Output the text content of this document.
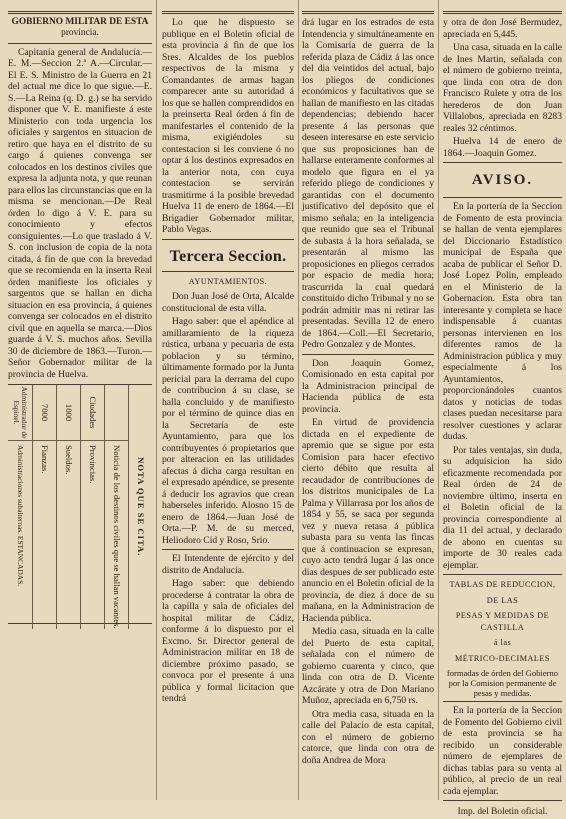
GOBIERNO MILITAR DE ESTA
provincia.

Capitanía general de Andalucía.—E. M.—Seccion 2.ª A.—Circular.—El E. S. Ministro de la Guerra en 21 del actual me dice lo que sigue.—E. S.—La Reina (q. D. g.) se ha servido disponer que V. E. manifieste á este Ministerio con toda urgencia los oficiales y sargentos en situacion de retiro que haya en el distrito de su cargo á quienes convenga ser colocados en los destinos civiles que expresa la adjunta nota, y que reunan para ellos las circunstancias que en la misma se mencionan.—De Real órden lo digo á V. E. para su conocimiento y efectos consiguientes.—Lo que traslado á V. S. con inclusion de copia de la nota citada, á fin de que con la brevedad que se recomienda en la inserta Real órden manifieste los oficiales y sargentos que se hallan en dicha situacion en esa provincia, á quienes convenga ser colocados en el distrito civil que en aquella se marca.—Dios guarde á V. S. muchos años. Sevilla 30 de diciembre de 1863.—Turon.—Señor Gobernador militar de la provincia de Huelva.

NOTA QUE SE CITA.
Noticia de los destinos civiles que se hallan vacantes.
Ciudades
Provincias.
1000
Sueldos.
7000
Fianzas.
Administrador de Espinel.
Administraciones subalternas. ESTANCADAS.

Lo que he dispuesto se publique en el Boletin oficial de esta provincia á fin de que los Sres. Alcaldes de los pueblos respectivos de la misma y Comandantes de armas hagan comparecer ante su autoridad á los que se hallen comprendidos en la preinserta Real órden á fin de manifestarles el contenido de la misma, exigiéndoles su contestacion si les conviene ó no optar á los destinos expresados en la anterior nota, con cuya contestacion se servirán trasmitirme á la posible brevedad Huelva 11 de enero de 1864.—El Brigadier Gobernador militar, Pablo Vegas.

Tercera Seccion.
AYUNTAMIENTOS.

Don Juan José de Orta, Alcalde constitucional de esta villa.

Hago saber: que el apéndice al amillaramiento de la riqueza rústica, urbana y pecuaria de esta poblacion y su término, últimamente formado por la Junta pericial para la derrama del cupo de contribucion á su clase, se halla concluido y de manifiesto por el término de quince dias en la Secretaría de este Ayuntamiento, para que los contribuyentes ó propietarios que por alteracion en las utilidades afectas á dicha carga resultan en el expresado apéndice, se presente á deducir los agravios que crean haberseles inferido. Alosno 15 de enero de 1864.—Juan José de Orta.—P. M. de su merced, Heliodoro Cid y Roso, Srio.

El Intendente de ejército y del distrito de Andalucía.

Hago saber: que debiendo procederse á contratar la obra de la capilla y sala de oficiales del hospital militar de Cádiz, conforme á lo dispuesto por el Excmo. Sr. Director general de Administracion militar en 18 de diciembre próximo pasado, se convoca por el presente á una pública y formal licitacion que tendrá

drá lugar en los estrados de esta Intendencia y simultáneamente en la Comisaría de guerra de la referida plaza de Cádiz á las once del dia veintidos del actual, bajo los pliegos de condiciones económicos y facultativos que se hallan de manifiesto en las citadas dependencias; debiendo hacer presente á las personas que deseen interesarse en este servicio que sus proposiciones han de hallarse enteramente conformes al modelo que figura en el ya referido pliego de condiciones y garantidas con el documento justificativo del depósito que el mismo señala; en la inteligencia que reunido que sea el Tribunal de subasta á la hora señalada, se presentarán al mismo las proposiciones en pliegos cerrados por espacio de media hora; trascurrida la cual quedará constituido dicho Tribunal y no se podrán admitir mas ni retirar las presentadas. Sevilla 12 de enero de 1864.—Coll.—El Secretario, Pedro Gonzalez y de Montes.

Don Joaquin Gomez, Comisionado en esta capital por la Administracion principal de Hacienda pública de esta provincia.

En virtud de providencia dictada en el expediente de apremio que se sigue por esta Comision para hacer efectivo cierto débito que resulta al recaudador de contribuciones de los distritos municipales de La Palma y Villarrasa por los años de 1854 y 55, se saca por segunda vez y nueva retasa á pública subasta para su venta las fincas que á continuacion se expresan, cuyo acto tendrá lugar á las once dias despues de ser publicado este anuncio en el Boletin oficial de la provincia, de diez á doce de su mañana, en la Administracion de Hacienda pública.

Media casa, situada en la calle del Puerto de esta capital, señalada con el número de gobierno cuarenta y cinco, que linda con otra de D. Vicente Azcárate y otra de Don Mariano Muñoz, apreciada en 6,750 rs.

Otra media casa, situada en la calle del Palacio de esta capital, con el número de gobierno catorce, que linda con otra de doña Andrea de Mora

y otra de don José Bermudez, apreciada en 5,445.

Una casa, situada en la calle de Ines Martin, señalada con el número de gobierno treinta, que linda con otra de don Francisco Rulete y otra de los herederos de don Juan Villalobos, apreciada en 8283 reales 32 céntimos.

Huelva 14 de enero de 1864.—Joaquin Gomez.

AVISO.

En la portería de la Seccion de Fomento de esta provincia se hallan de venta ejemplares del Diccionario Estadístico municipal de España que acaba de publicar el Señor D. José Lopez Polin, empleado en el Ministerio de la Gobernacion. Esta obra tan interesante y completa se hace indispensable á cuantas personas intervienen en los diferentes ramos de la Administracion pública y muy especialmente á los Ayuntamientos, proporcionándoles cuantos datos y noticias de todas clases puedan necesitarse para resolver cuestiones y aclarar dudas.

Por tales ventajas, sin duda, su adquisicion ha sido eficazmente recomendada por Real órden de 24 de noviembre último, inserta en el Boletin oficial de la provincia correspondiente al dia 11 del actual, y declarado de abono en cuentas su importe de 30 reales cada ejemplar.

TABLAS DE REDUCCION,
DE LAS
PESAS Y MEDIDAS DE CASTILLA
á las
MÉTRICO-DECIMALES
formadas de órden del Gobierno por la Comision permanente de pesas y medidas.

En la portería de la Seccion de Fomento del Gobierno civil de esta provincia se ha recibido un considerable número de ejemplares de dichas tablas para su venta al público, al precio de un real cada ejemplar.

Imp. del Boletin oficial.
